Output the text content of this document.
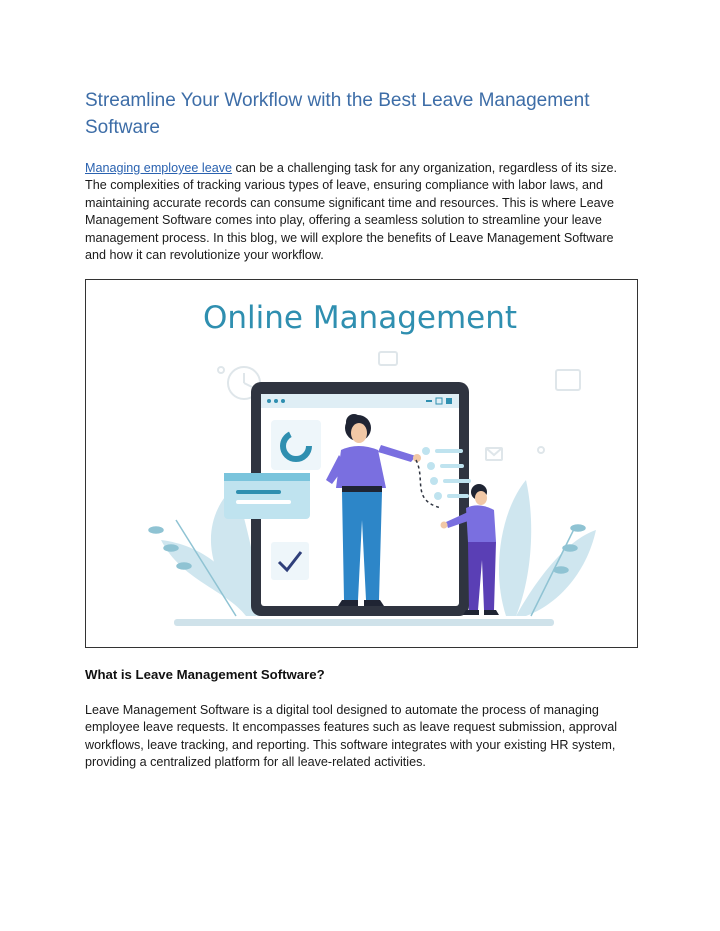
Streamline Your Workflow with the Best Leave Management Software

Managing employee leave can be a challenging task for any organization, regardless of its size. The complexities of tracking various types of leave, ensuring compliance with labor laws, and maintaining accurate records can consume significant time and resources. This is where Leave Management Software comes into play, offering a seamless solution to streamline your leave management process. In this blog, we will explore the benefits of Leave Management Software and how it can revolutionize your workflow.

Online Management
What is Leave Management Software?

Leave Management Software is a digital tool designed to automate the process of managing employee leave requests. It encompasses features such as leave request submission, approval workflows, leave tracking, and reporting. This software integrates with your existing HR system, providing a centralized platform for all leave-related activities.
